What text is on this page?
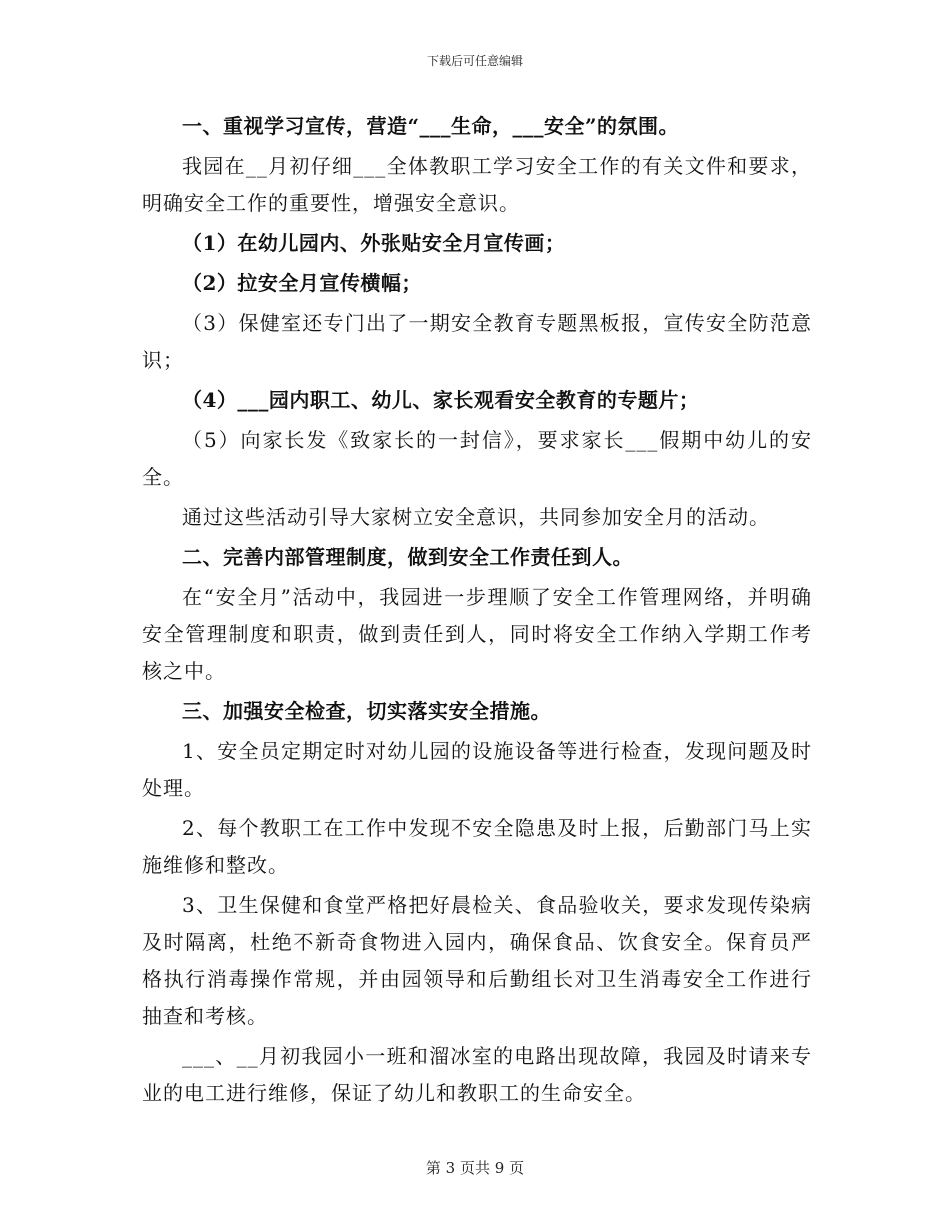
下载后可任意编辑

一、重视学习宣传，营造“___生命，___安全”的氛围。

我园在__月初仔细___全体教职工学习安全工作的有关文件和要求，明确安全工作的重要性，增强安全意识。

（1）在幼儿园内、外张贴安全月宣传画；

（2）拉安全月宣传横幅；

（3）保健室还专门出了一期安全教育专题黑板报，宣传安全防范意识；

（4）___园内职工、幼儿、家长观看安全教育的专题片；

（5）向家长发《致家长的一封信》，要求家长___假期中幼儿的安全。

通过这些活动引导大家树立安全意识，共同参加安全月的活动。

二、完善内部管理制度，做到安全工作责任到人。

在“安全月”活动中，我园进一步理顺了安全工作管理网络，并明确安全管理制度和职责，做到责任到人，同时将安全工作纳入学期工作考核之中。

三、加强安全检查，切实落实安全措施。

1、安全员定期定时对幼儿园的设施设备等进行检查，发现问题及时处理。

2、每个教职工在工作中发现不安全隐患及时上报，后勤部门马上实施维修和整改。

3、卫生保健和食堂严格把好晨检关、食品验收关，要求发现传染病及时隔离，杜绝不新奇食物进入园内，确保食品、饮食安全。保育员严格执行消毒操作常规，并由园领导和后勤组长对卫生消毒安全工作进行抽查和考核。

___、__月初我园小一班和溜冰室的电路出现故障，我园及时请来专业的电工进行维修，保证了幼儿和教职工的生命安全。

第 3 页共 9 页
